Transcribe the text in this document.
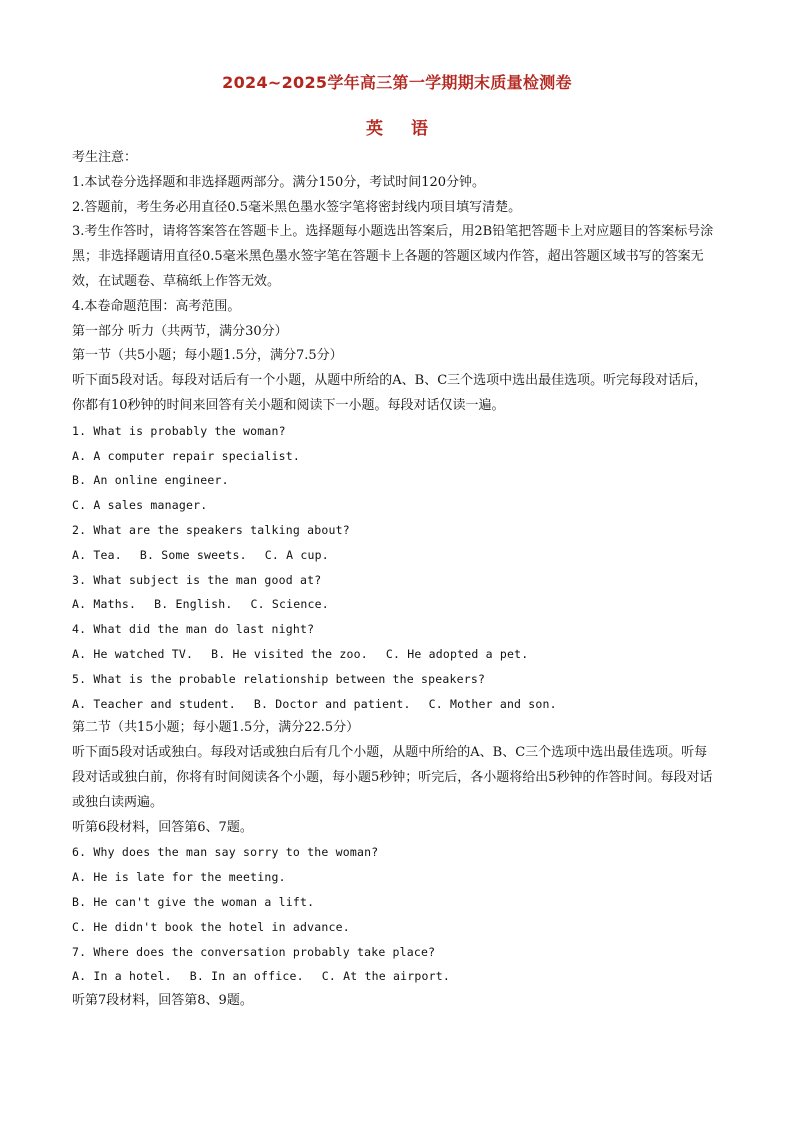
2024~2025学年高三第一学期期末质量检测卷
英 语

考生注意：

1.本试卷分选择题和非选择题两部分。满分150分，考试时间120分钟。

2.答题前，考生务必用直径0.5毫米黑色墨水签字笔将密封线内项目填写清楚。

3.考生作答时，请将答案答在答题卡上。选择题每小题选出答案后，用2B铅笔把答题卡上对应题目的答案标号涂黑；非选择题请用直径0.5毫米黑色墨水签字笔在答题卡上各题的答题区域内作答，超出答题区域书写的答案无效，在试题卷、草稿纸上作答无效。

4.本卷命题范围：高考范围。

第一部分 听力（共两节，满分30分）

第一节（共5小题；每小题1.5分，满分7.5分）

听下面5段对话。每段对话后有一个小题，从题中所给的A、B、C三个选项中选出最佳选项。听完每段对话后，你都有10秒钟的时间来回答有关小题和阅读下一小题。每段对话仅读一遍。

1. What is probably the woman?

A. A computer repair specialist.

B. An online engineer.

C. A sales manager.

2. What are the speakers talking about?

A. Tea. B. Some sweets. C. A cup.

3. What subject is the man good at?

A. Maths. B. English. C. Science.

4. What did the man do last night?

A. He watched TV. B. He visited the zoo. C. He adopted a pet.

5. What is the probable relationship between the speakers?

A. Teacher and student. B. Doctor and patient. C. Mother and son.

第二节（共15小题；每小题1.5分，满分22.5分）

听下面5段对话或独白。每段对话或独白后有几个小题，从题中所给的A、B、C三个选项中选出最佳选项。听每段对话或独白前，你将有时间阅读各个小题，每小题5秒钟；听完后，各小题将给出5秒钟的作答时间。每段对话或独白读两遍。

听第6段材料，回答第6、7题。

6. Why does the man say sorry to the woman?

A. He is late for the meeting.

B. He can't give the woman a lift.

C. He didn't book the hotel in advance.

7. Where does the conversation probably take place?

A. In a hotel. B. In an office. C. At the airport.

听第7段材料，回答第8、9题。
